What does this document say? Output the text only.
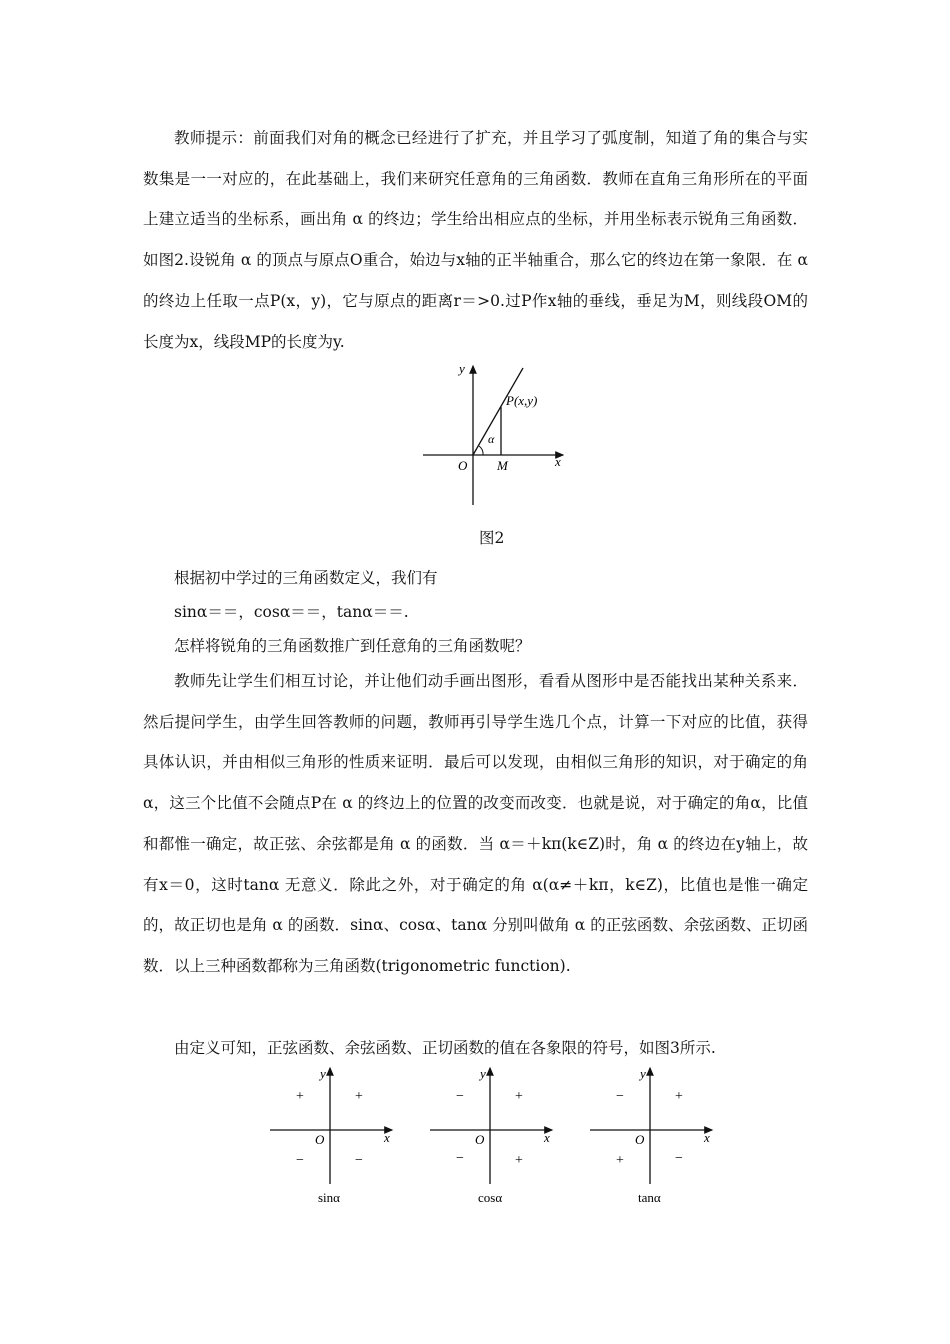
教师提示：前面我们对角的概念已经进行了扩充，并且学习了弧度制，知道了角的集合与实数集是一一对应的，在此基础上，我们来研究任意角的三角函数．教师在直角三角形所在的平面上建立适当的坐标系，画出角 α 的终边；学生给出相应点的坐标，并用坐标表示锐角三角函数．如图2.设锐角 α 的顶点与原点O重合，始边与x轴的正半轴重合，那么它的终边在第一象限．在 α 的终边上任取一点P(x，y)，它与原点的距离r＝>0.过P作x轴的垂线，垂足为M，则线段OM的长度为x，线段MP的长度为y.

y
x
O M
P(x,y)
α
图2

根据初中学过的三角函数定义，我们有

sinα＝＝，cosα＝＝，tanα＝＝.

怎样将锐角的三角函数推广到任意角的三角函数呢？

教师先让学生们相互讨论，并让他们动手画出图形，看看从图形中是否能找出某种关系来．然后提问学生，由学生回答教师的问题，教师再引导学生选几个点，计算一下对应的比值，获得具体认识，并由相似三角形的性质来证明．最后可以发现，由相似三角形的知识，对于确定的角α，这三个比值不会随点P在 α 的终边上的位置的改变而改变．也就是说，对于确定的角α，比值和都惟一确定，故正弦、余弦都是角 α 的函数．当 α＝＋kπ(k∈Z)时，角 α 的终边在y轴上，故有x＝0，这时tanα 无意义．除此之外，对于确定的角 α(α≠＋kπ，k∈Z)，比值也是惟一确定的，故正切也是角 α 的函数．sinα、cosα、tanα 分别叫做角 α 的正弦函数、余弦函数、正切函数．以上三种函数都称为三角函数(trigonometric function).

由定义可知，正弦函数、余弦函数、正切函数的值在各象限的符号，如图3所示.

y
x
O
+	+
−	−
sinα
y
x
O
−	+
−	+
cosα
y
x
O
−	+
+	−
tanα
